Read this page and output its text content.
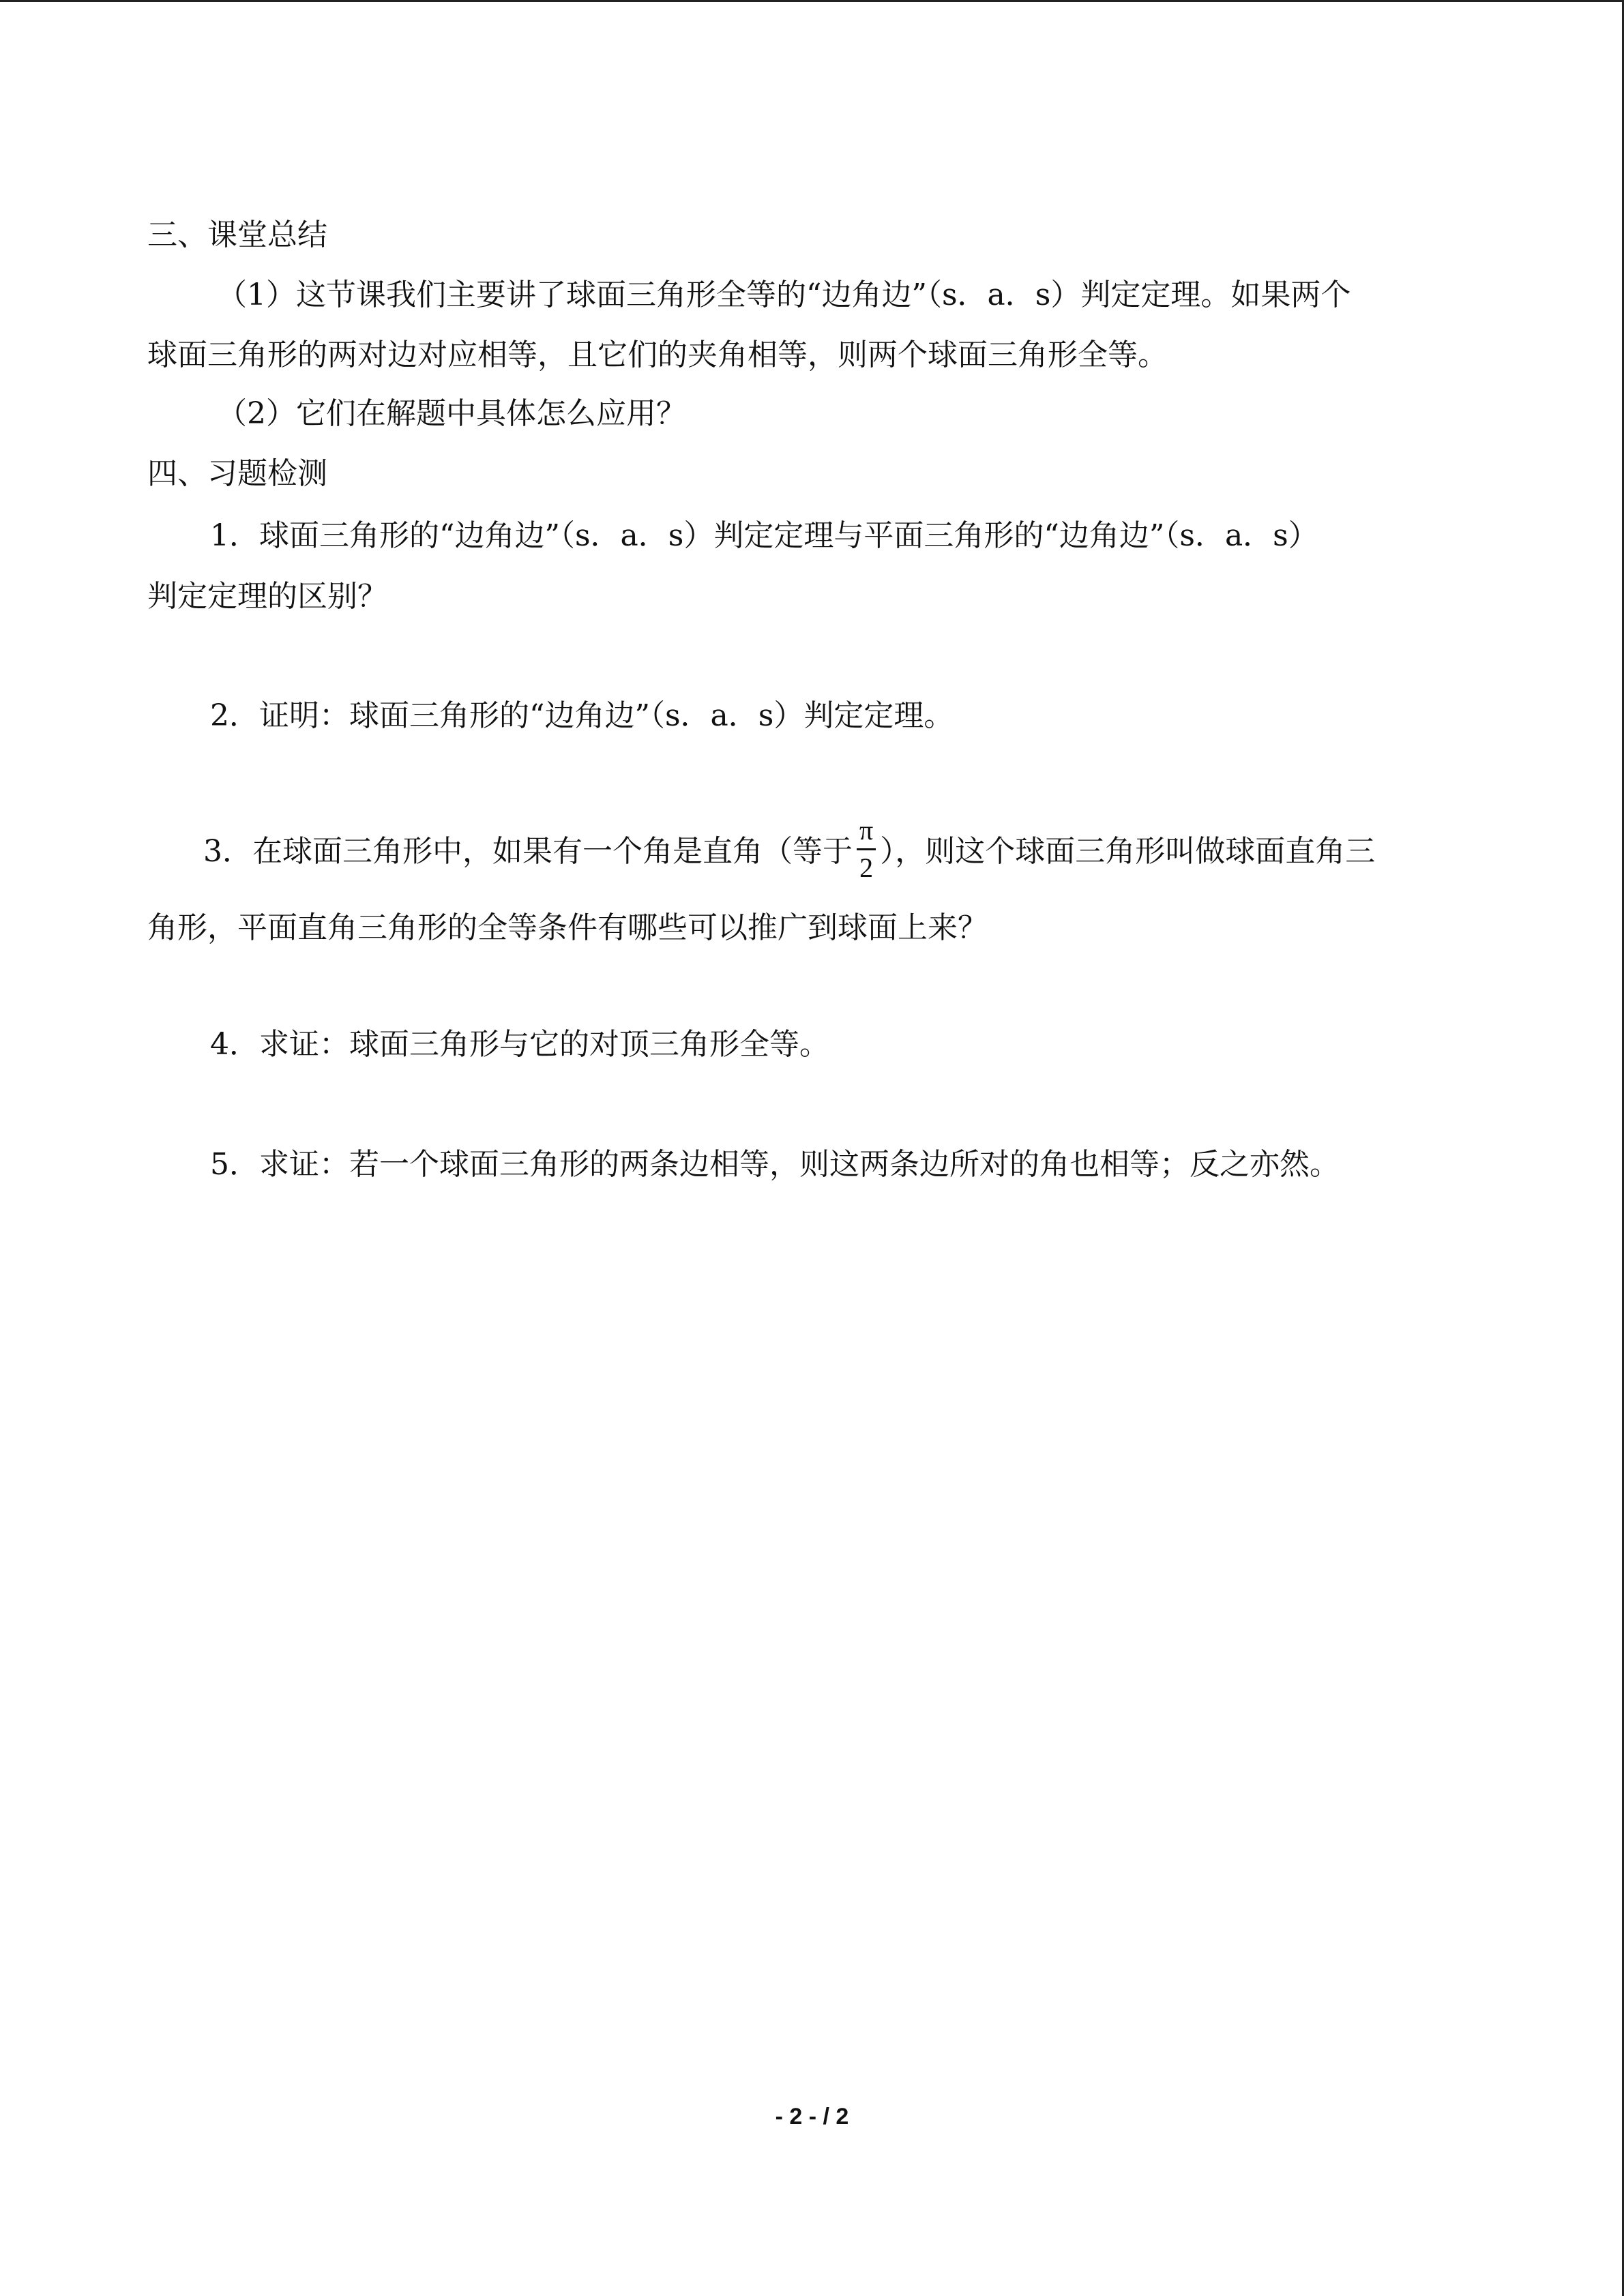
三、课堂总结
（1）这节课我们主要讲了球面三角形全等的“边角边”（s．a．s）判定定理。如果两个
球面三角形的两对边对应相等，且它们的夹角相等，则两个球面三角形全等。
（2）它们在解题中具体怎么应用？
四、习题检测
1．球面三角形的“边角边”（s．a．s）判定定理与平面三角形的“边角边”（s．a．s）
判定定理的区别？
2．证明：球面三角形的“边角边”（s．a．s）判定定理。
3．在球面三角形中，如果有一个角是直角（等于 $\frac{\pi}{2}$ ），则这个球面三角形叫做球面直角三
角形，平面直角三角形的全等条件有哪些可以推广到球面上来？
4．求证：球面三角形与它的对顶三角形全等。
5．求证：若一个球面三角形的两条边相等，则这两条边所对的角也相等；反之亦然。
- 2 - / 2
